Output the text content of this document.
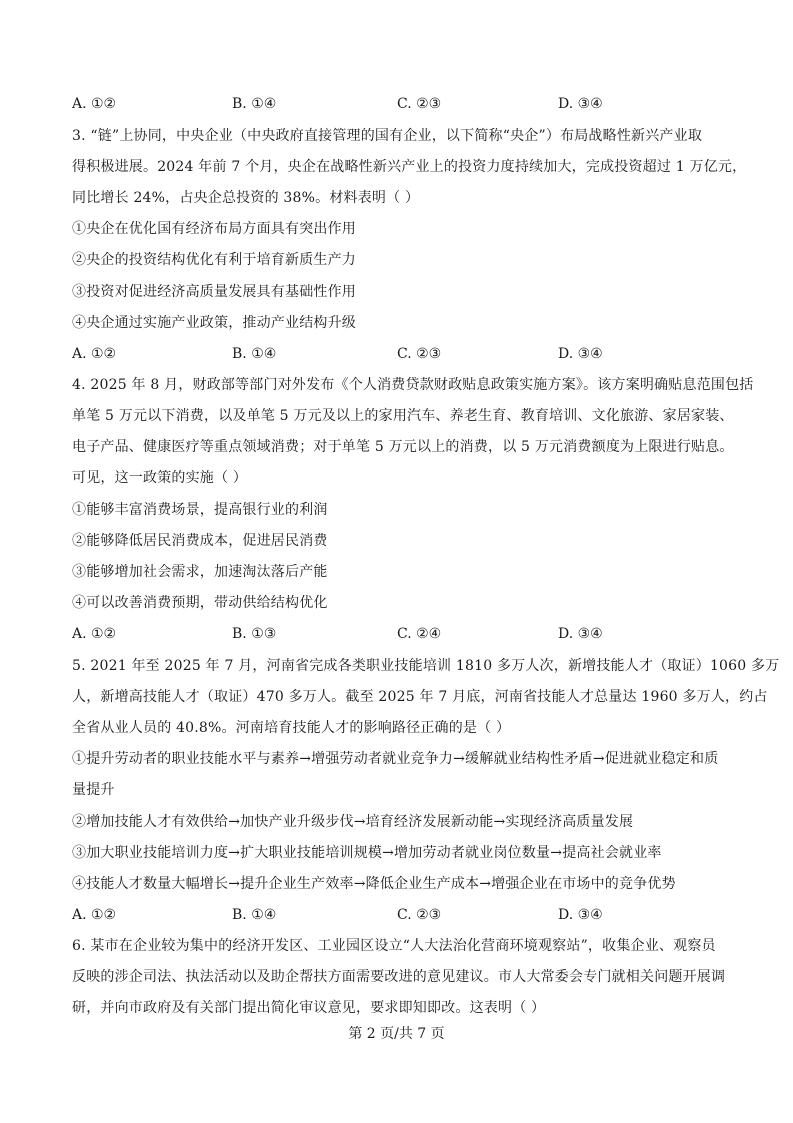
A. ①②	B. ①④	C. ②③	D. ③④
3. “链”上协同，中央企业（中央政府直接管理的国有企业，以下简称“央企”）布局战略性新兴产业取
得积极进展。2024 年前 7 个月，央企在战略性新兴产业上的投资力度持续加大，完成投资超过 1 万亿元，
同比增长 24%，占央企总投资的 38%。材料表明（ ）
①央企在优化国有经济布局方面具有突出作用
②央企的投资结构优化有利于培育新质生产力
③投资对促进经济高质量发展具有基础性作用
④央企通过实施产业政策，推动产业结构升级
A. ①②	B. ①④	C. ②③	D. ③④
4. 2025 年 8 月，财政部等部门对外发布《个人消费贷款财政贴息政策实施方案》。该方案明确贴息范围包括
单笔 5 万元以下消费，以及单笔 5 万元及以上的家用汽车、养老生育、教育培训、文化旅游、家居家装、
电子产品、健康医疗等重点领域消费；对于单笔 5 万元以上的消费，以 5 万元消费额度为上限进行贴息。
可见，这一政策的实施（ ）
①能够丰富消费场景，提高银行业的利润
②能够降低居民消费成本，促进居民消费
③能够增加社会需求，加速淘汰落后产能
④可以改善消费预期，带动供给结构优化
A. ①②	B. ①③	C. ②④	D. ③④
5. 2021 年至 2025 年 7 月，河南省完成各类职业技能培训 1810 多万人次，新增技能人才（取证）1060 多万
人，新增高技能人才（取证）470 多万人。截至 2025 年 7 月底，河南省技能人才总量达 1960 多万人，约占
全省从业人员的 40.8%。河南培育技能人才的影响路径正确的是（ ）
①提升劳动者的职业技能水平与素养→增强劳动者就业竞争力→缓解就业结构性矛盾→促进就业稳定和质
量提升
②增加技能人才有效供给→加快产业升级步伐→培育经济发展新动能→实现经济高质量发展
③加大职业技能培训力度→扩大职业技能培训规模→增加劳动者就业岗位数量→提高社会就业率
④技能人才数量大幅增长→提升企业生产效率→降低企业生产成本→增强企业在市场中的竞争优势
A. ①②	B. ①④	C. ②③	D. ③④
6. 某市在企业较为集中的经济开发区、工业园区设立“人大法治化营商环境观察站”，收集企业、观察员
反映的涉企司法、执法活动以及助企帮扶方面需要改进的意见建议。市人大常委会专门就相关问题开展调
研，并向市政府及有关部门提出简化审议意见，要求即知即改。这表明（ ）
第 2 页/共 7 页
